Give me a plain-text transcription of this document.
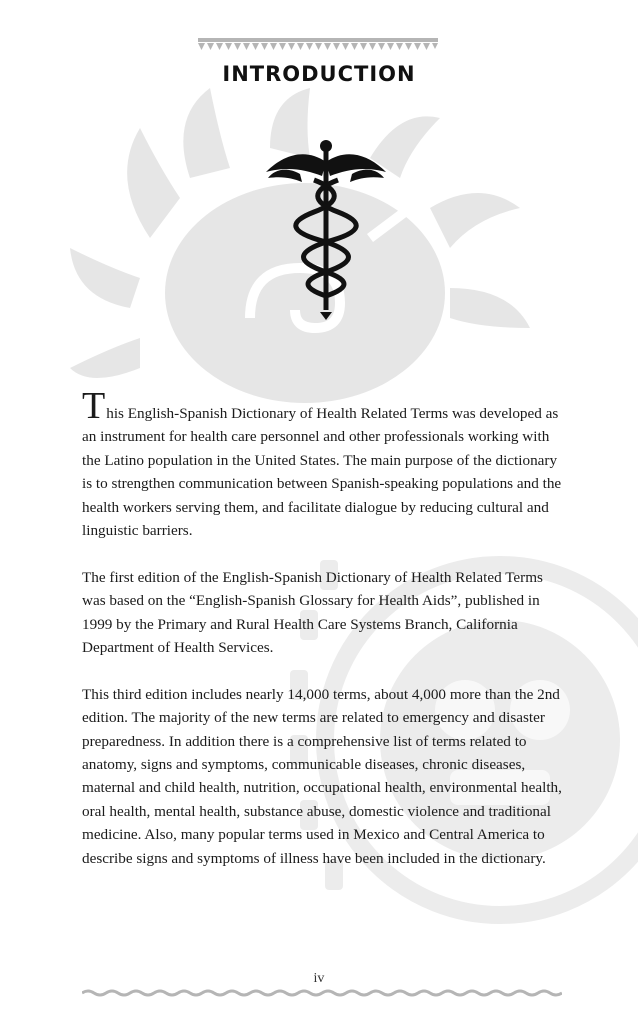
INTRODUCTION

This English-Spanish Dictionary of Health Related Terms was developed as an instrument for health care personnel and other professionals working with the Latino population in the United States. The main purpose of the dictionary is to strengthen communication between Spanish-speaking populations and the health workers serving them, and facilitate dialogue by reducing cultural and linguistic barriers.

The first edition of the English-Spanish Dictionary of Health Related Terms was based on the “English-Spanish Glossary for Health Aids”, published in 1999 by the Primary and Rural Health Care Systems Branch, California Department of Health Services.

This third edition includes nearly 14,000 terms, about 4,000 more than the 2nd edition. The majority of the new terms are related to emergency and disaster preparedness. In addition there is a comprehensive list of terms related to anatomy, signs and symptoms, communicable diseases, chronic diseases, maternal and child health, nutrition, occupational health, environmental health, oral health, mental health, substance abuse, domestic violence and traditional medicine. Also, many popular terms used in Mexico and Central America to describe signs and symptoms of illness have been included in the dictionary.

iv
